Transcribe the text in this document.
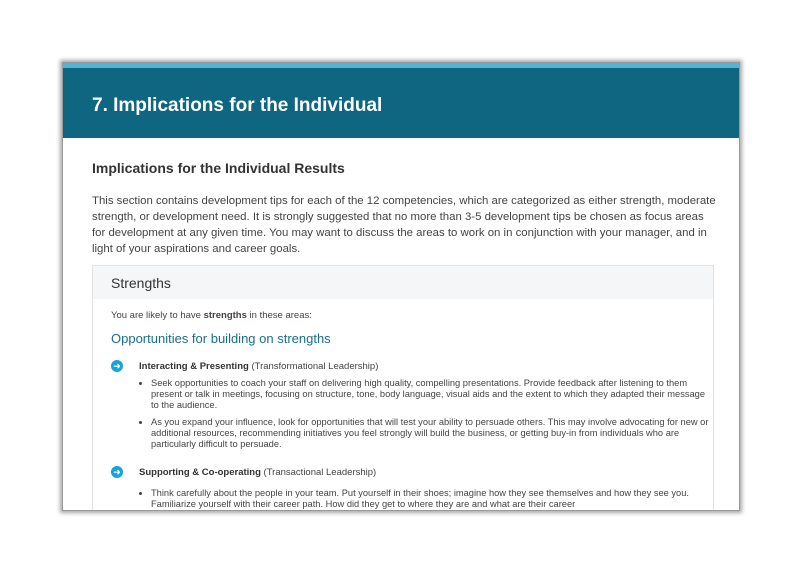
7. Implications for the Individual
Implications for the Individual Results

This section contains development tips for each of the 12 competencies, which are categorized as either strength, moderate strength, or development need. It is strongly suggested that no more than 3-5 development tips be chosen as focus areas for development at any given time. You may want to discuss the areas to work on in conjunction with your manager, and in light of your aspirations and career goals.

Strengths
You are likely to have strengths in these areas:
Opportunities for building on strengths
➜ Interacting & Presenting (Transformational Leadership)
• Seek opportunities to coach your staff on delivering high quality, compelling presentations. Provide feedback after listening to them present or talk in meetings, focusing on structure, tone, body language, visual aids and the extent to which they adapted their message to the audience.
• As you expand your influence, look for opportunities that will test your ability to persuade others. This may involve advocating for new or additional resources, recommending initiatives you feel strongly will build the business, or getting buy-in from individuals who are particularly difficult to persuade.
➜ Supporting & Co-operating (Transactional Leadership)
• Think carefully about the people in your team. Put yourself in their shoes; imagine how they see themselves and how they see you. Familiarize yourself with their career path. How did they get to where they are and what are their career
